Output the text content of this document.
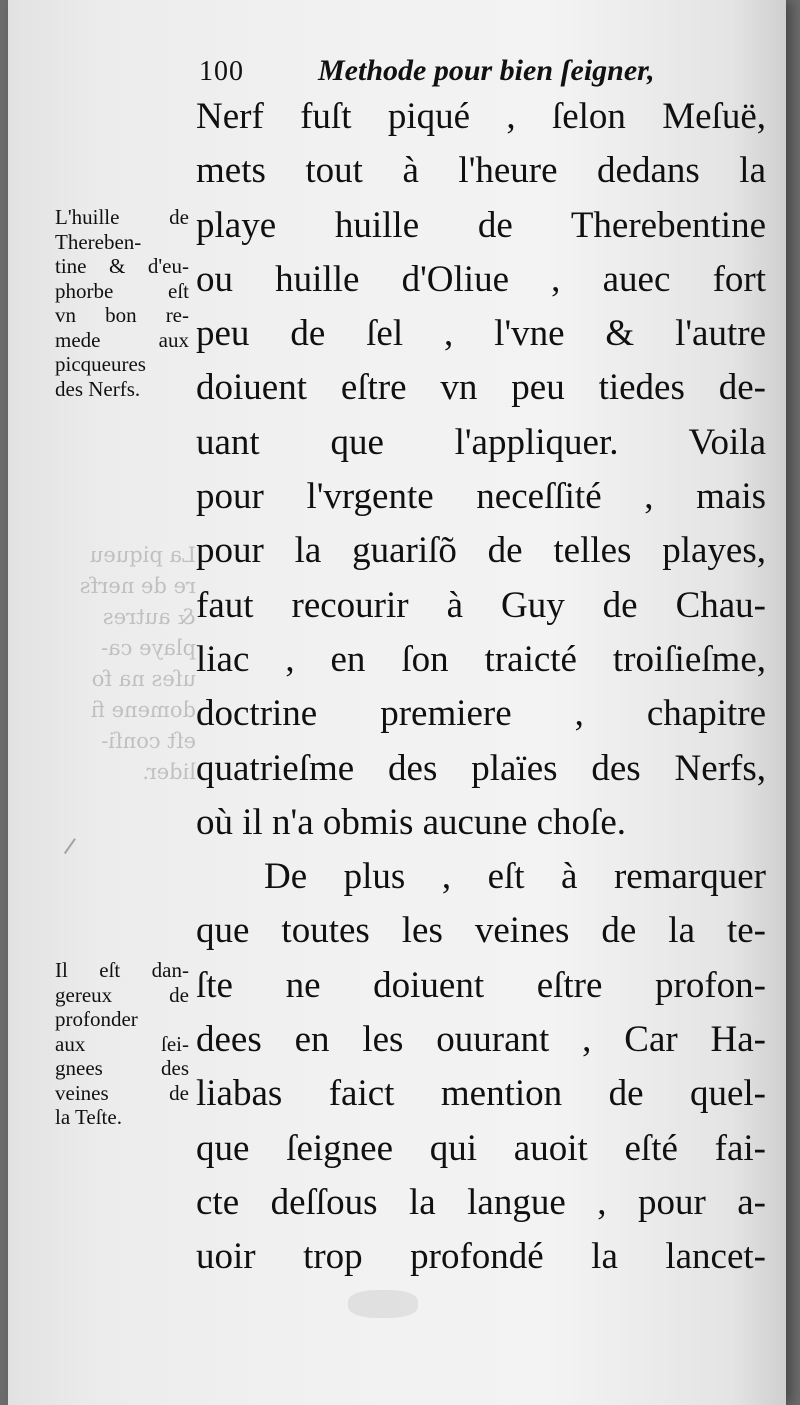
La piqueu
re de nerfs
& autres
playe ca-
uſes na fo
domene fi
eſt conſi-
lider.
100 Methode pour bien ſeigner,
Nerf fuſt piqué , ſelon Meſuë,
mets tout à l'heure dedans la
playe huille de Therebentine
ou huille d'Oliue , auec fort
peu de ſel , l'vne & l'autre
doiuent eſtre vn peu tiedes de-
uant que l'appliquer. Voila
pour l'vrgente neceſſité , mais
pour la guariſõ de telles playes,
faut recourir à Guy de Chau-
liac , en ſon traicté troiſieſme,
doctrine premiere , chapitre
quatrieſme des plaïes des Nerfs,
où il n'a obmis aucune choſe.
De plus , eſt à remarquer
que toutes les veines de la te-
ſte ne doiuent eſtre profon-
dees en les ouurant , Car Ha-
liabas faict mention de quel-
que ſeignee qui auoit eſté fai-
cte deſſous la langue , pour a-
uoir trop profondé la lancet-
L'huille de
Thereben-
tine & d'eu-
phorbe eſt
vn bon re-
mede aux
picqueures
des Nerfs.
Il eſt dan-
gereux de
profonder
aux ſei-
gnees des
veines de
la Teſte.
